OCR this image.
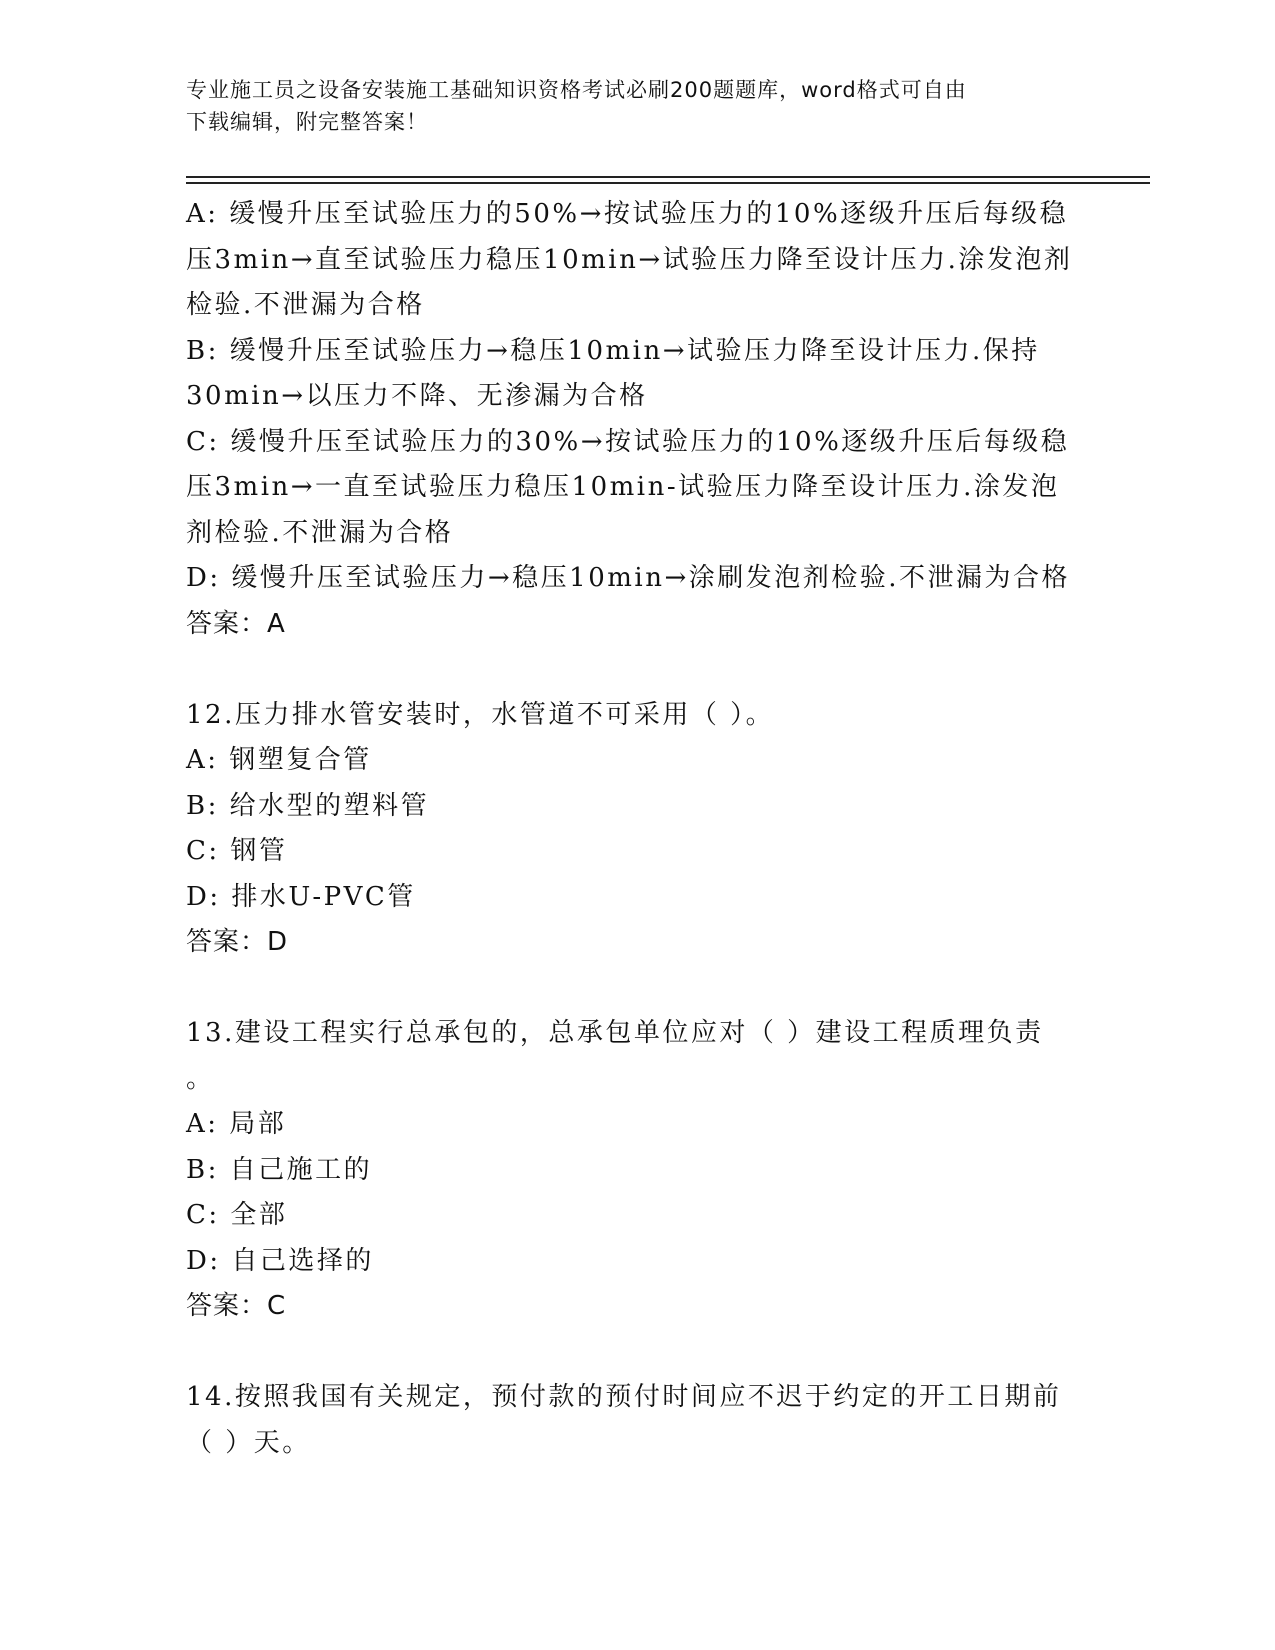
专业施工员之设备安装施工基础知识资格考试必刷200题题库，word格式可自由
下载编辑，附完整答案！

A: 缓慢升压至试验压力的50%→按试验压力的10%逐级升压后每级稳

压3min→直至试验压力稳压10min→试验压力降至设计压力.涂发泡剂

检验.不泄漏为合格

B: 缓慢升压至试验压力→稳压10min→试验压力降至设计压力.保持

30min→以压力不降、无渗漏为合格

C: 缓慢升压至试验压力的30%→按试验压力的10%逐级升压后每级稳

压3min→一直至试验压力稳压10min-试验压力降至设计压力.涂发泡

剂检验.不泄漏为合格

D: 缓慢升压至试验压力→稳压10min→涂刷发泡剂检验.不泄漏为合格

答案：A

12.压力排水管安装时，水管道不可采用（ ）。

A: 钢塑复合管

B: 给水型的塑料管

C: 钢管

D: 排水U-PVC管

答案：D

13.建设工程实行总承包的，总承包单位应对（ ）建设工程质理负责

。

A: 局部

B: 自己施工的

C: 全部

D: 自己选择的

答案：C

14.按照我国有关规定，预付款的预付时间应不迟于约定的开工日期前

（ ）天。
